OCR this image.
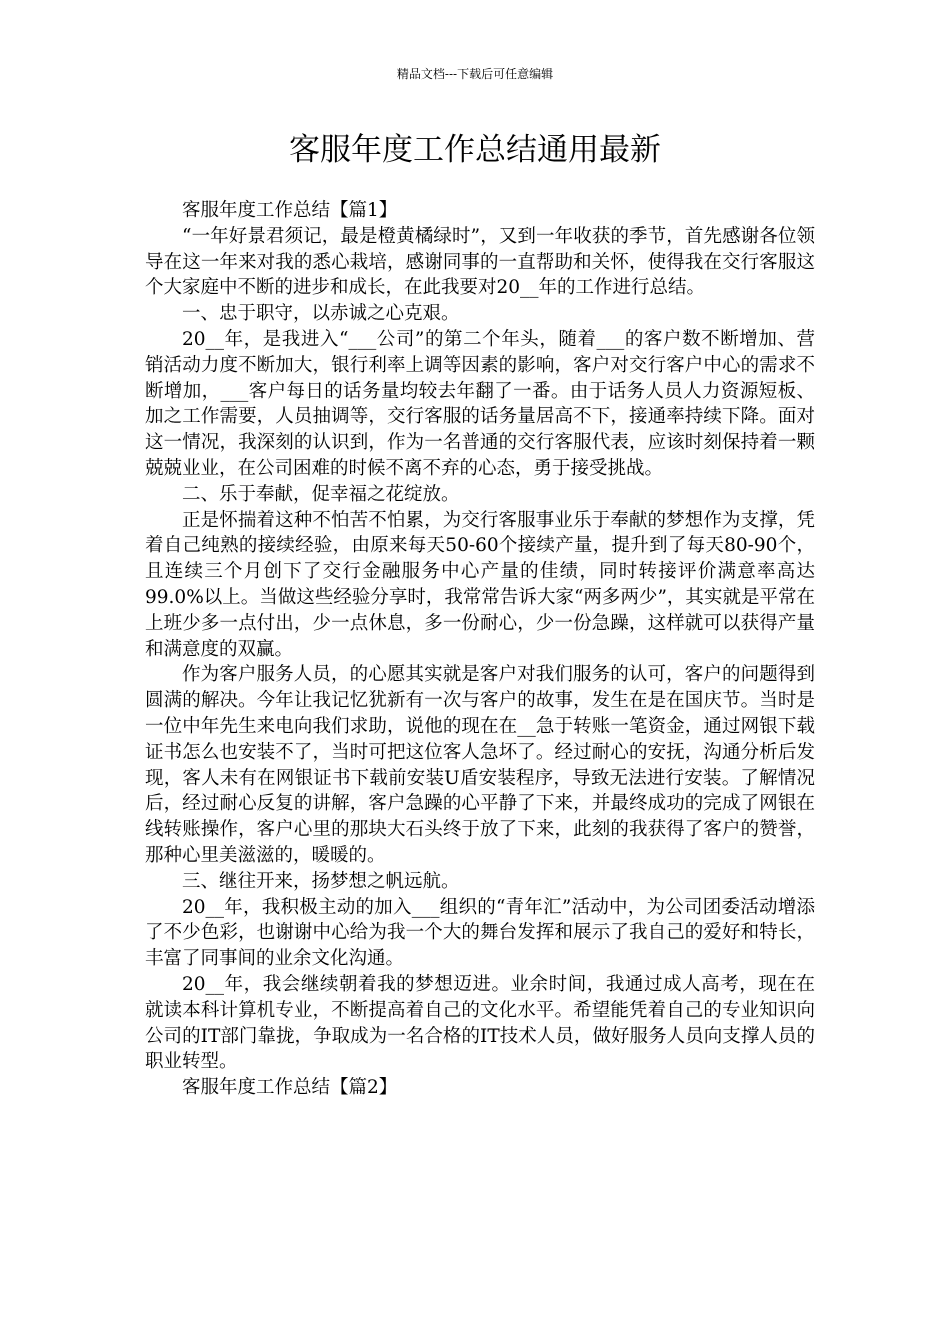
精品文档---下载后可任意编辑
客服年度工作总结通用最新

客服年度工作总结【篇1】

“一年好景君须记，最是橙黄橘绿时”，又到一年收获的季节，首先感谢各位领导在这一年来对我的悉心栽培，感谢同事的一直帮助和关怀，使得我在交行客服这个大家庭中不断的进步和成长，在此我要对20__年的工作进行总结。

一、忠于职守，以赤诚之心克艰。

20__年，是我进入“___公司”的第二个年头，随着___的客户数不断增加、营销活动力度不断加大，银行利率上调等因素的影响，客户对交行客户中心的需求不断增加，___客户每日的话务量均较去年翻了一番。由于话务人员人力资源短板、加之工作需要，人员抽调等，交行客服的话务量居高不下，接通率持续下降。面对这一情况，我深刻的认识到，作为一名普通的交行客服代表，应该时刻保持着一颗兢兢业业，在公司困难的时候不离不弃的心态，勇于接受挑战。

二、乐于奉献，促幸福之花绽放。

正是怀揣着这种不怕苦不怕累，为交行客服事业乐于奉献的梦想作为支撑，凭着自己纯熟的接续经验，由原来每天50-60个接续产量，提升到了每天80-90个，且连续三个月创下了交行金融服务中心产量的佳绩，同时转接评价满意率高达99.0%以上。当做这些经验分享时，我常常告诉大家“两多两少”，其实就是平常在上班少多一点付出，少一点休息，多一份耐心，少一份急躁，这样就可以获得产量和满意度的双赢。

作为客户服务人员，的心愿其实就是客户对我们服务的认可，客户的问题得到圆满的解决。今年让我记忆犹新有一次与客户的故事，发生在是在国庆节。当时是一位中年先生来电向我们求助，说他的现在在__急于转账一笔资金，通过网银下载证书怎么也安装不了，当时可把这位客人急坏了。经过耐心的安抚，沟通分析后发现，客人未有在网银证书下载前安装U盾安装程序，导致无法进行安装。了解情况后，经过耐心反复的讲解，客户急躁的心平静了下来，并最终成功的完成了网银在线转账操作，客户心里的那块大石头终于放了下来，此刻的我获得了客户的赞誉，那种心里美滋滋的，暖暖的。

三、继往开来，扬梦想之帆远航。

20__年，我积极主动的加入___组织的“青年汇”活动中，为公司团委活动增添了不少色彩，也谢谢中心给为我一个大的舞台发挥和展示了我自己的爱好和特长，丰富了同事间的业余文化沟通。

20__年，我会继续朝着我的梦想迈进。业余时间，我通过成人高考，现在在就读本科计算机专业，不断提高着自己的文化水平。希望能凭着自己的专业知识向公司的IT部门靠拢，争取成为一名合格的IT技术人员，做好服务人员向支撑人员的职业转型。

客服年度工作总结【篇2】
